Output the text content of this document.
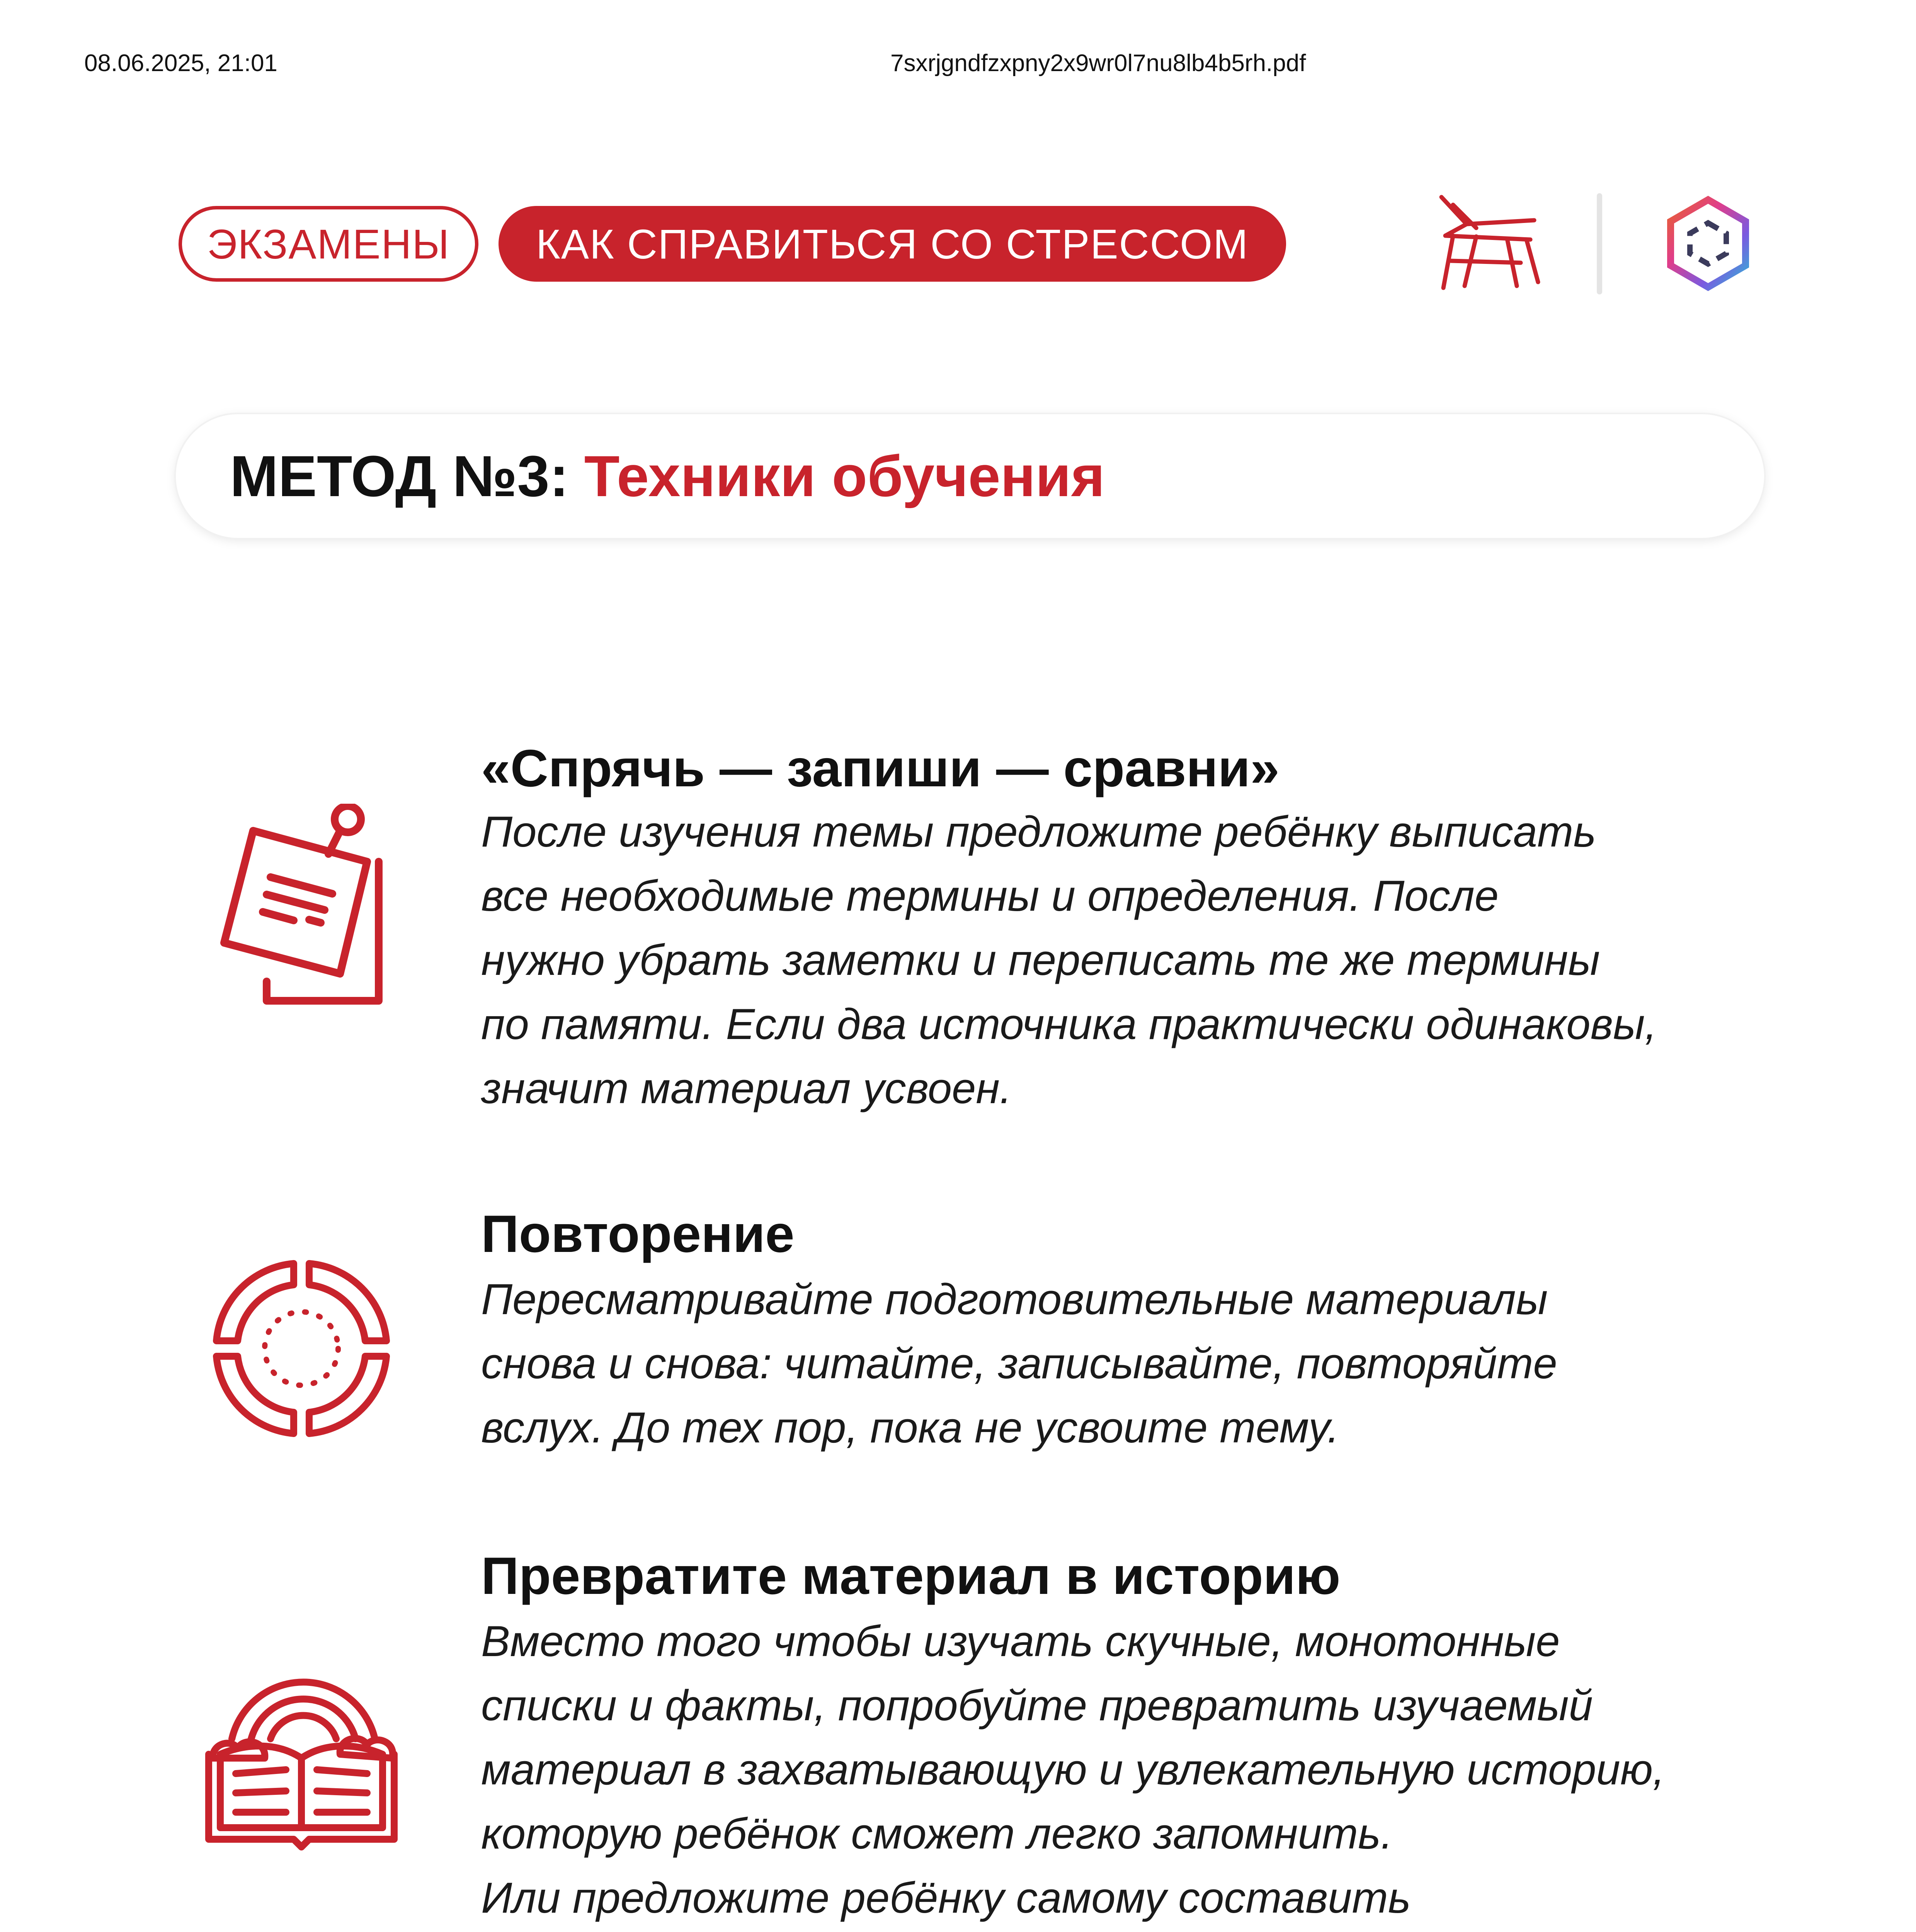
08.06.2025, 21:01	7sxrjgndfzxpny2x9wr0l7nu8lb4b5rh.pdf
ЭКЗАМЕНЫ	КАК СПРАВИТЬСЯ СО СТРЕССОМ
МЕТОД №3: Техники обучения
«Спрячь — запиши — сравни»
После изучения темы предложите ребёнку выписать
все необходимые термины и определения. После
нужно убрать заметки и переписать те же термины
по памяти. Если два источника практически одинаковы,
значит материал усвоен.
Повторение
Пересматривайте подготовительные материалы
снова и снова: читайте, записывайте, повторяйте
вслух. До тех пор, пока не усвоите тему.
Превратите материал в историю
Вместо того чтобы изучать скучные, монотонные
списки и факты, попробуйте превратить изучаемый
материал в захватывающую и увлекательную историю,
которую ребёнок сможет легко запомнить.
Или предложите ребёнку самому составить
